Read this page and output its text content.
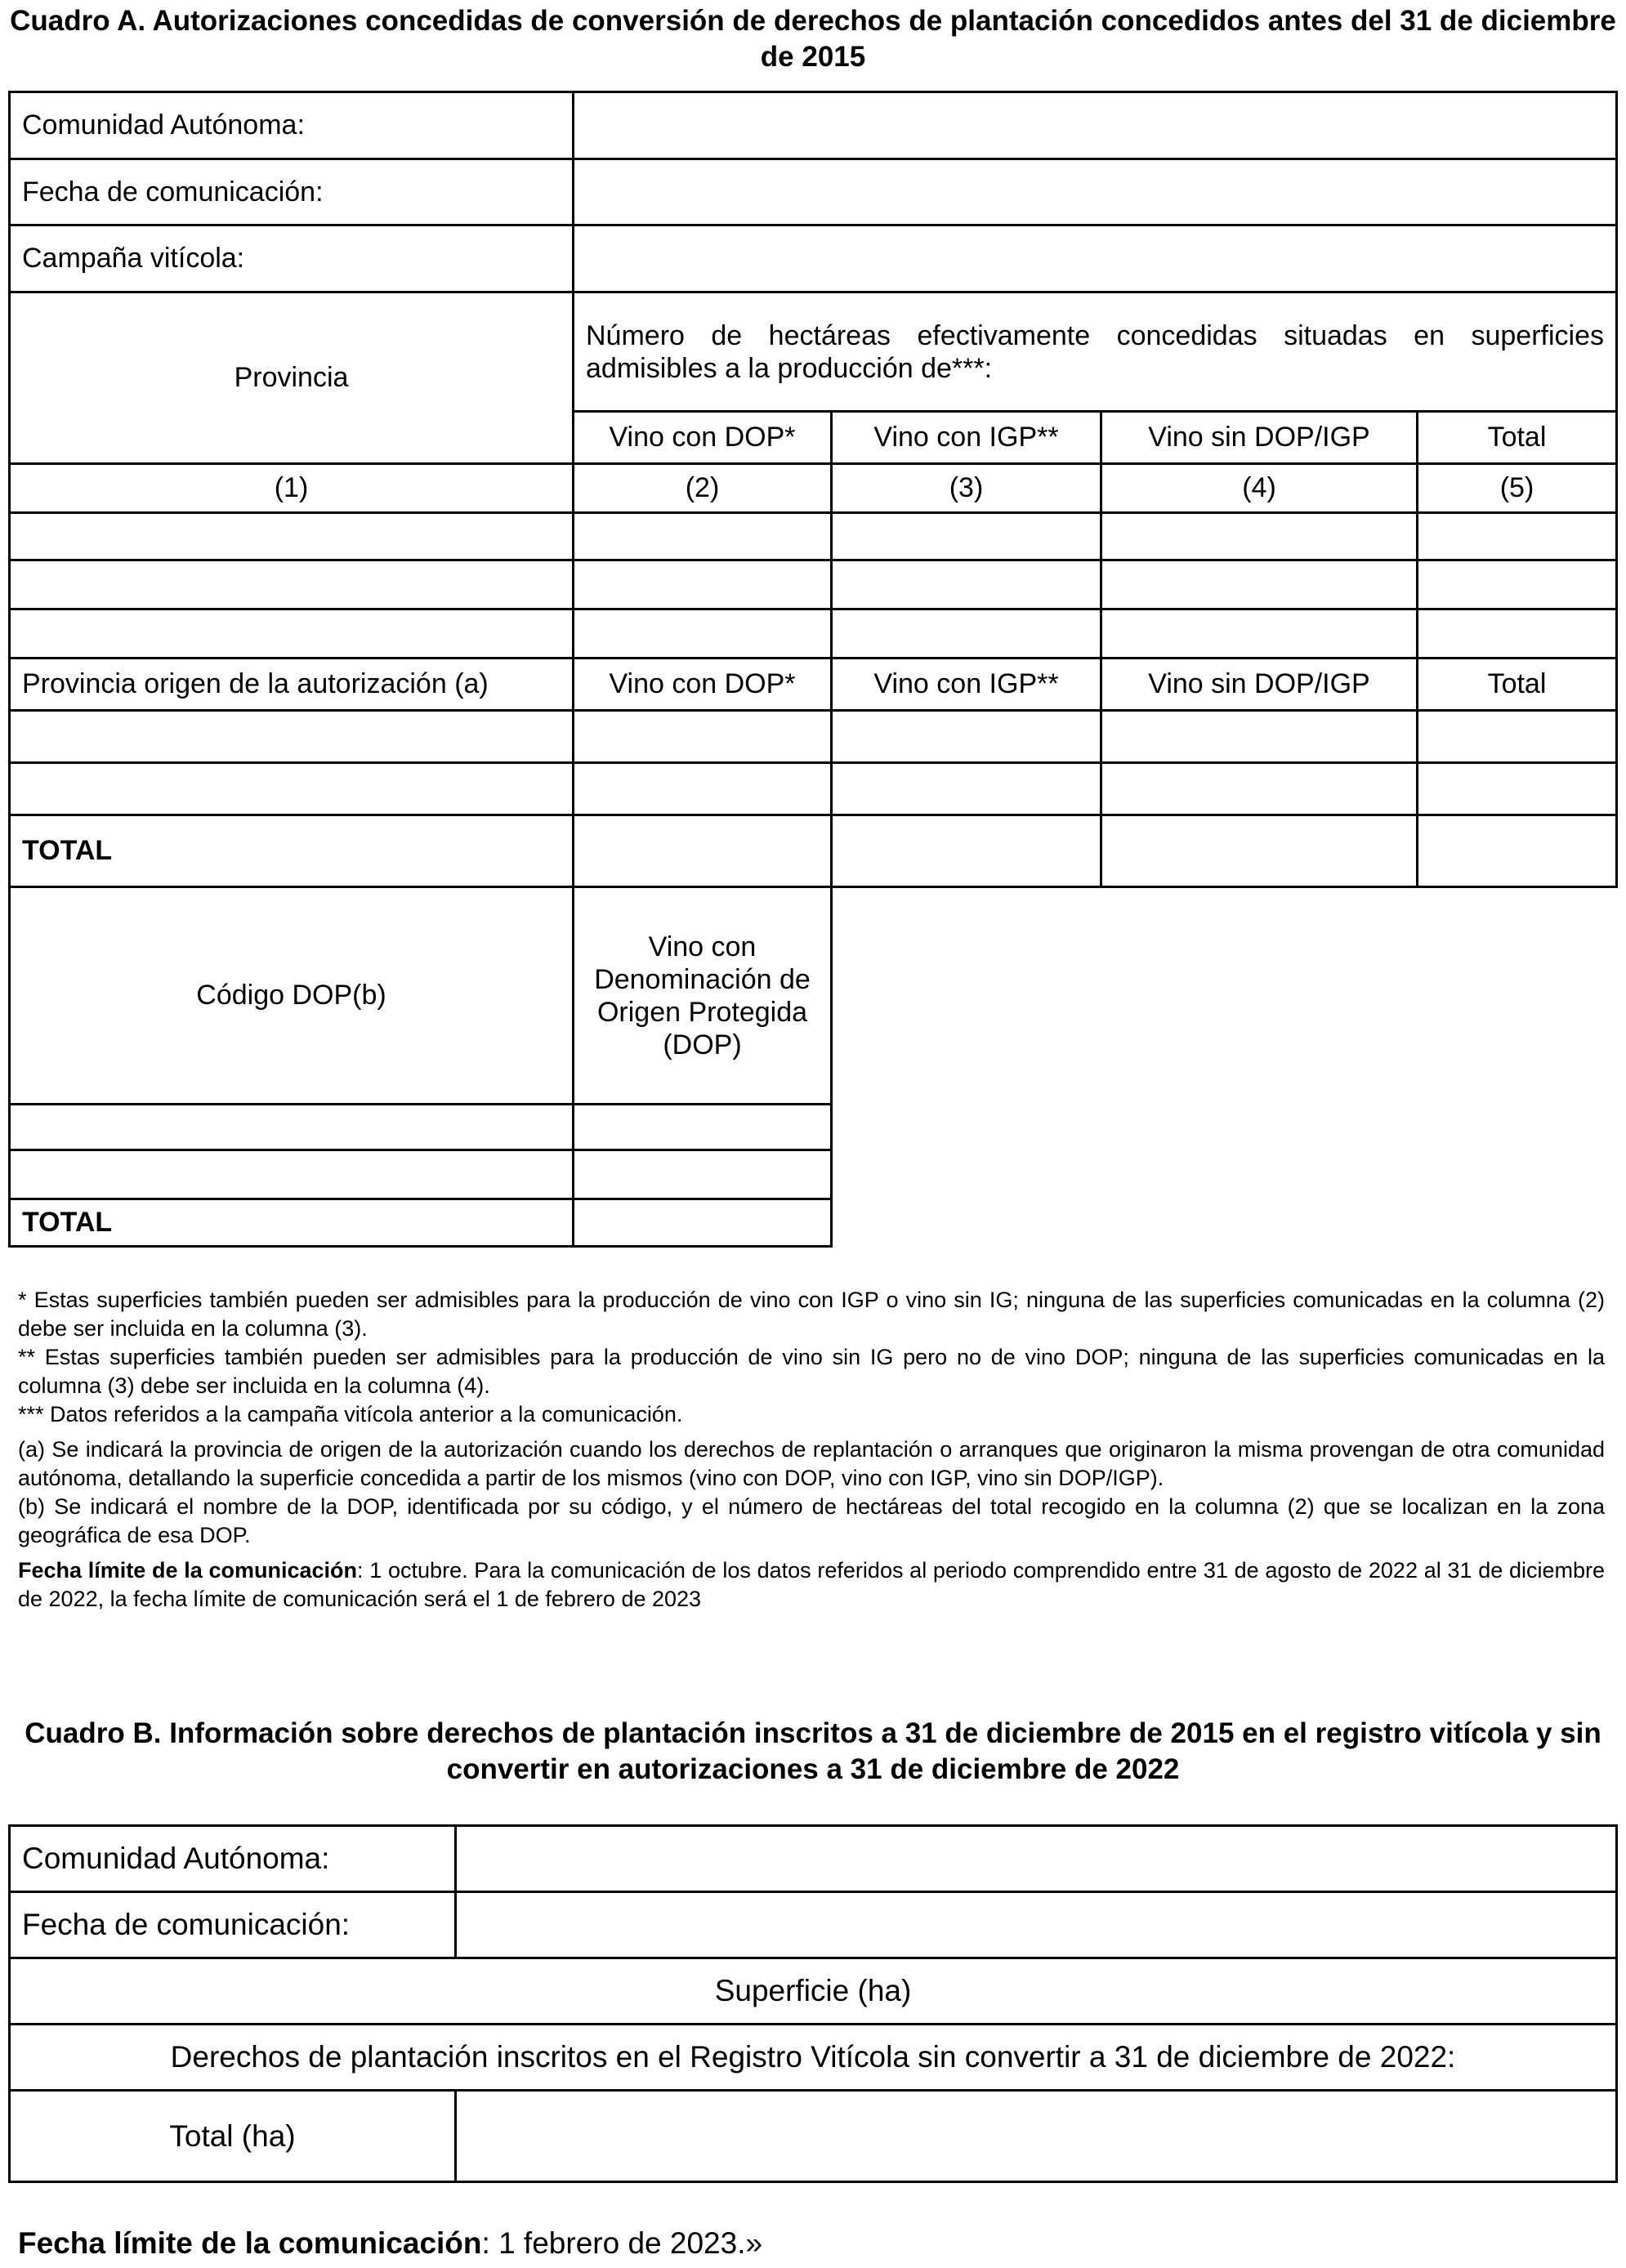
Cuadro A. Autorizaciones concedidas de conversión de derechos de plantación concedidos antes del 31 de diciembre de 2015
Comunidad Autónoma:				
Fecha de comunicación:				
Campaña vitícola:				
Provincia	Número de hectáreas efectivamente concedidas situadas en superficies admisibles a la producción de***:			
	Vino con DOP*	Vino con IGP**	Vino sin DOP/IGP	Total
(1)	(2)	(3)	(4)	(5)

Provincia origen de la autorización (a)	Vino con DOP*	Vino con IGP**	Vino sin DOP/IGP	Total

TOTAL				
Código DOP(b)	Vino con Denominación de Origen Protegida (DOP)

TOTAL	

* Estas superficies también pueden ser admisibles para la producción de vino con IGP o vino sin IG; ninguna de las superficies comunicadas en la columna (2) debe ser incluida en la columna (3).

** Estas superficies también pueden ser admisibles para la producción de vino sin IG pero no de vino DOP; ninguna de las superficies comunicadas en la columna (3) debe ser incluida en la columna (4).

*** Datos referidos a la campaña vitícola anterior a la comunicación.

(a) Se indicará la provincia de origen de la autorización cuando los derechos de replantación o arranques que originaron la misma provengan de otra comunidad autónoma, detallando la superficie concedida a partir de los mismos (vino con DOP, vino con IGP, vino sin DOP/IGP).

(b) Se indicará el nombre de la DOP, identificada por su código, y el número de hectáreas del total recogido en la columna (2) que se localizan en la zona geográfica de esa DOP.

Fecha límite de la comunicación: 1 octubre. Para la comunicación de los datos referidos al periodo comprendido entre 31 de agosto de 2022 al 31 de diciembre de 2022, la fecha límite de comunicación será el 1 de febrero de 2023

Cuadro B. Información sobre derechos de plantación inscritos a 31 de diciembre de 2015 en el registro vitícola y sin convertir en autorizaciones a 31 de diciembre de 2022
Comunidad Autónoma:	
Fecha de comunicación:	
Superficie (ha)	
Derechos de plantación inscritos en el Registro Vitícola sin convertir a 31 de diciembre de 2022:	
Total (ha)	
Fecha límite de la comunicación: 1 febrero de 2023.»
